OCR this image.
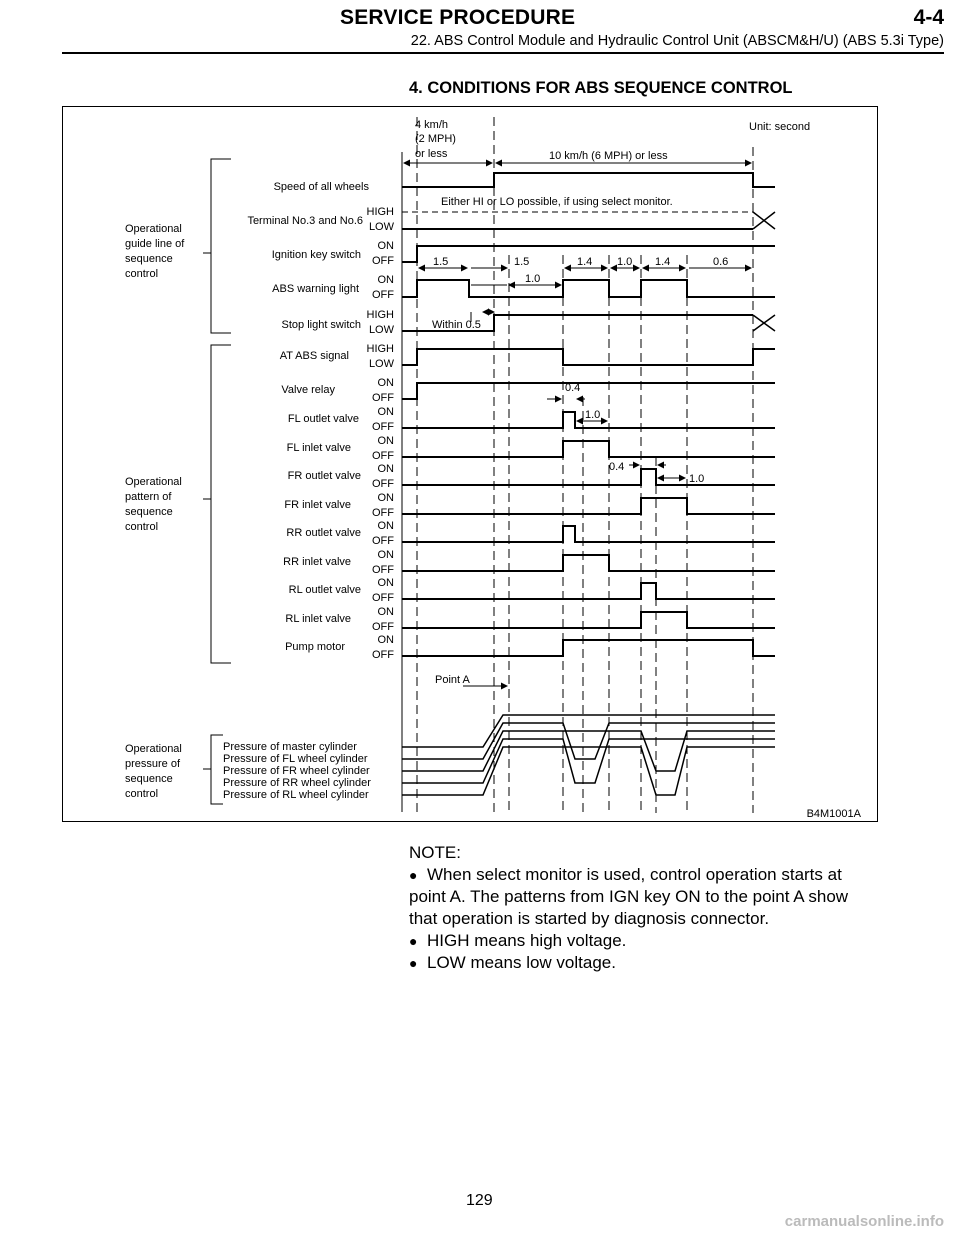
SERVICE PROCEDURE	4-4
22. ABS Control Module and Hydraulic Control Unit (ABSCM&H/U) (ABS 5.3i Type)
4. CONDITIONS FOR ABS SEQUENCE CONTROL
4 km/h
(2 MPH)
or less
Unit: second
10 km/h (6 MPH) or less
Operational
guide line of
sequence
control
Operational
pattern of
sequence
control
Operational
pressure of
sequence
control
Speed of all wheels
Terminal No.3 and No.6
Ignition key switch
ABS warning light
Stop light switch
AT ABS signal
Valve relay
FL outlet valve
FL inlet valve
FR outlet valve
FR inlet valve
RR outlet valve
RR inlet valve
RL outlet valve
RL inlet valve
Pump motor
HIGH
LOW
ON
OFF
ON
OFF
HIGH
LOW
HIGH
LOW
ON
OFF
ON
OFF
ON
OFF
ON
OFF
ON
OFF
ON
OFF
ON
OFF
ON
OFF
ON
OFF
ON
OFF
Either HI or LO possible, if using select monitor.
1.5	1.5	1.4 1.0 1.4	0.6
1.0
Within 0.5
0.4
1.0
0.4
1.0
Point A
Pressure of master cylinder
Pressure of FL wheel cylinder
Pressure of FR wheel cylinder
Pressure of RR wheel cylinder
Pressure of RL wheel cylinder
B4M1001A

NOTE:

● When select monitor is used, control operation starts at point A. The patterns from IGN key ON to the point A show that operation is started by diagnosis connector.

● HIGH means high voltage.

● LOW means low voltage.

129
carmanualsonline.info
